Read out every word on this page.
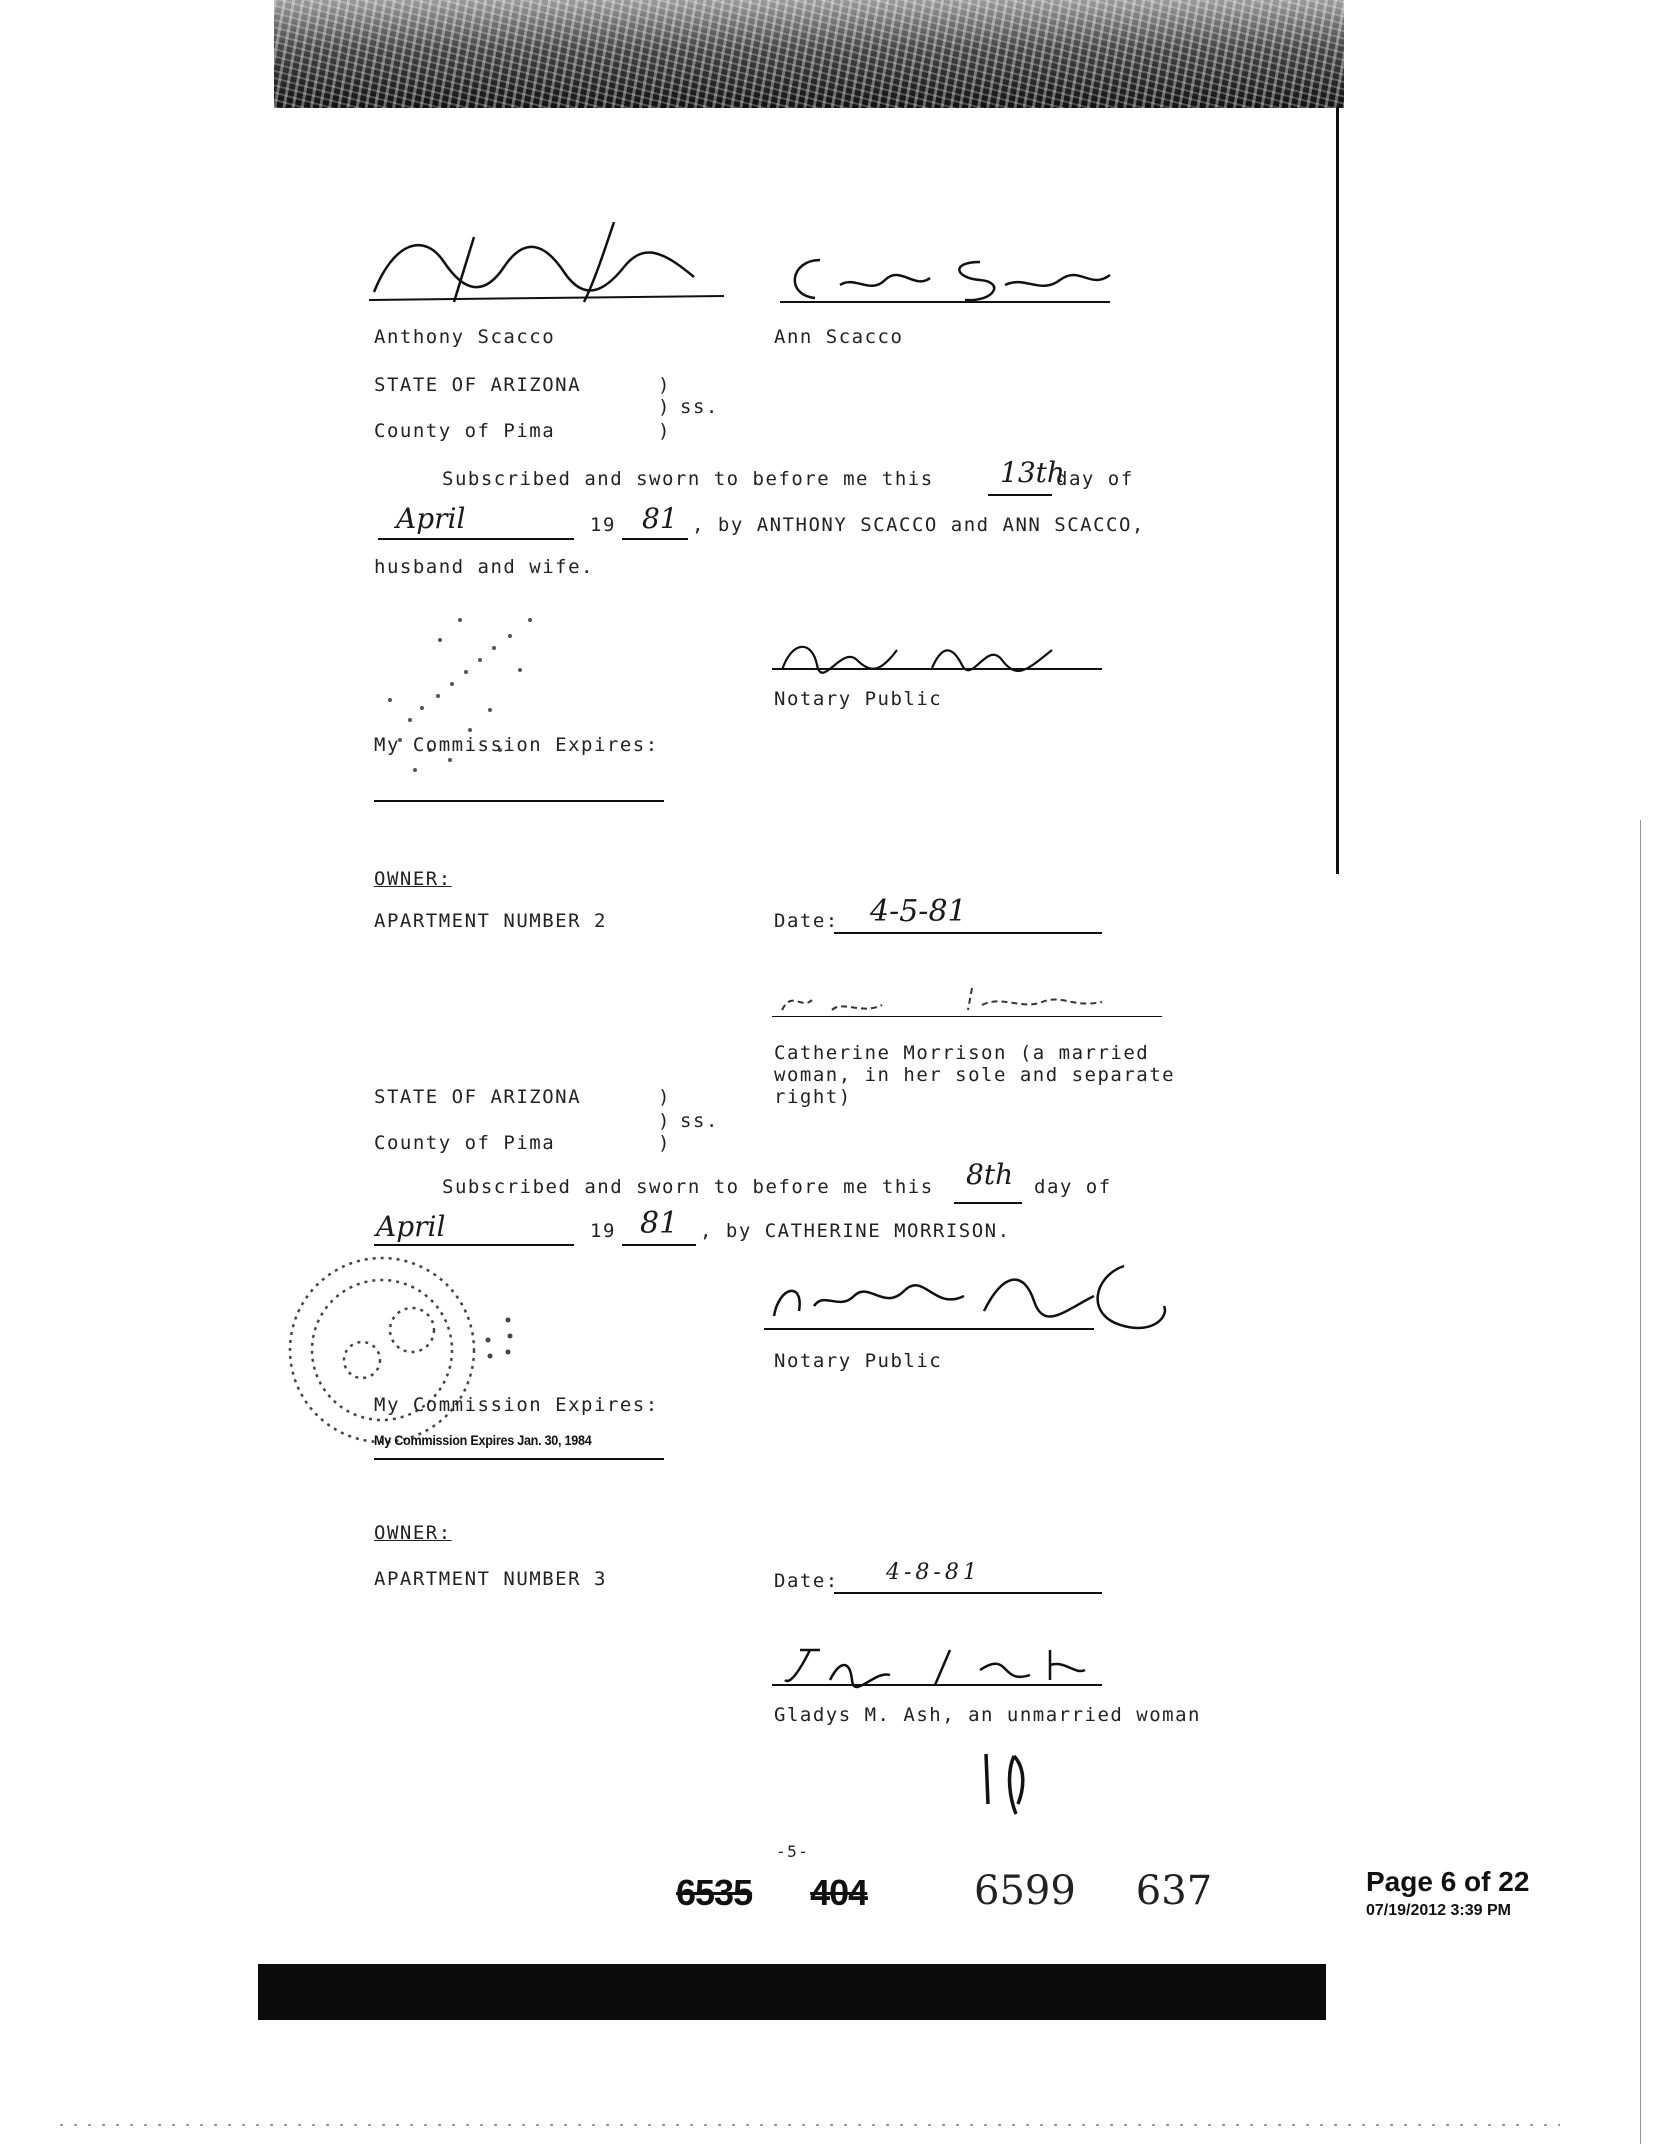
Anthony Scacco	Ann Scacco
STATE OF ARIZONA	)
) ss.
County of Pima	)
Subscribed and sworn to before me this 13th
day of
April	19 81 , by ANTHONY SCACCO and ANN SCACCO,
husband and wife.
Notary Public
My Commission Expires:
OWNER:
APARTMENT NUMBER 2	Date: 4-5-81
Catherine Morrison (a married
woman, in her sole and separate
right)
STATE OF ARIZONA	)
) ss.
County of Pima	)
Subscribed and sworn to before me this 8th day of
April	19 81 , by CATHERINE MORRISON.
Notary Public
My Commission Expires:
My Commission Expires Jan. 30, 1984
OWNER:
APARTMENT NUMBER 3	Date: 4-8-81
Gladys M. Ash, an unmarried woman
-5-
6535 404	6599 637	Page 6 of 22
07/19/2012 3:39 PM
